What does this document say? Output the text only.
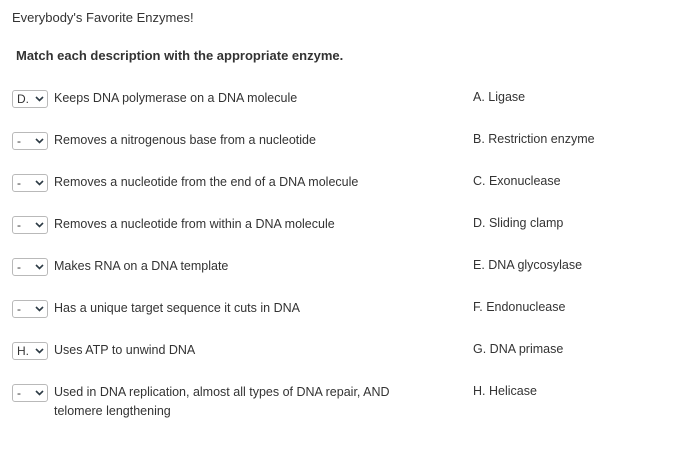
Everybody's Favorite Enzymes!
Match each description with the appropriate enzyme.
D.	Keeps DNA polymerase on a DNA molecule
-	Removes a nitrogenous base from a nucleotide
-	Removes a nucleotide from the end of a DNA molecule
-	Removes a nucleotide from within a DNA molecule
-	Makes RNA on a DNA template
-	Has a unique target sequence it cuts in DNA
H.	Uses ATP to unwind DNA
-	Used in DNA replication, almost all types of DNA repair, AND telomere lengthening
A. Ligase
B. Restriction enzyme
C. Exonuclease
D. Sliding clamp
E. DNA glycosylase
F. Endonuclease
G. DNA primase
H. Helicase
